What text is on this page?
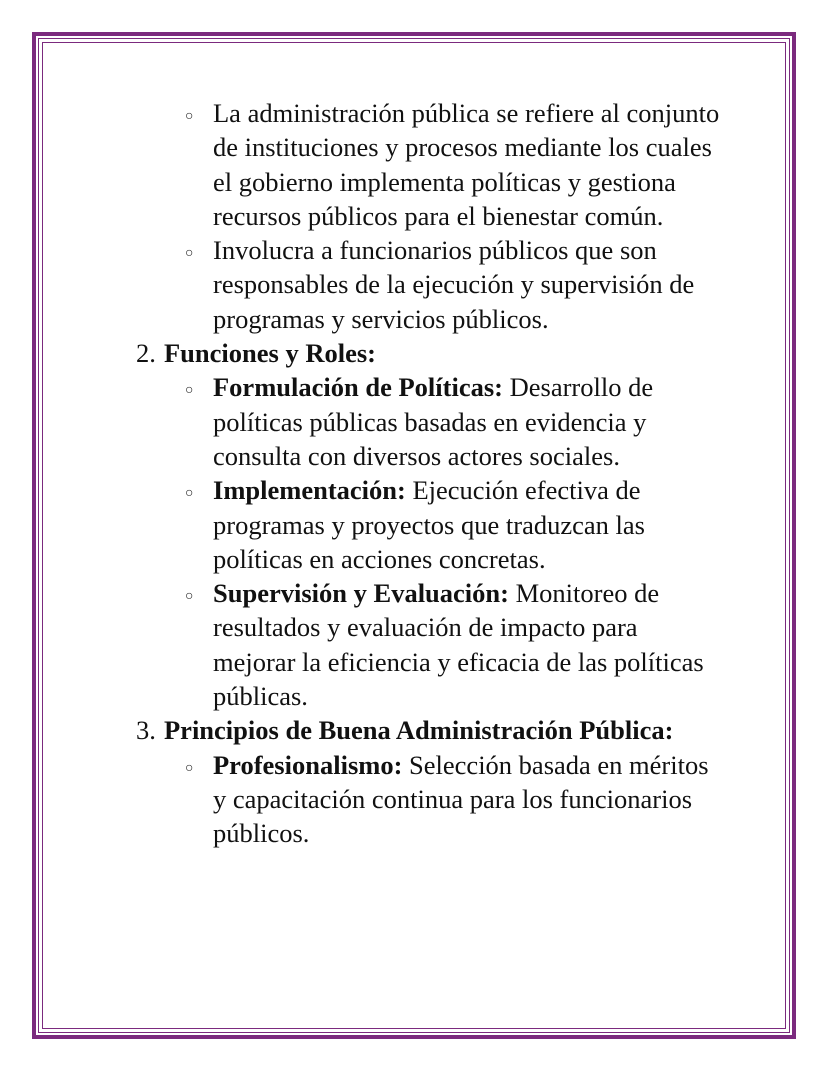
○ La administración pública se refiere al conjunto de instituciones y procesos mediante los cuales el gobierno implementa políticas y gestiona recursos públicos para el bienestar común.
○ Involucra a funcionarios públicos que son responsables de la ejecución y supervisión de programas y servicios públicos.
2. Funciones y Roles:
○ Formulación de Políticas: Desarrollo de políticas públicas basadas en evidencia y consulta con diversos actores sociales.
○ Implementación: Ejecución efectiva de programas y proyectos que traduzcan las políticas en acciones concretas.
○ Supervisión y Evaluación: Monitoreo de resultados y evaluación de impacto para mejorar la eficiencia y eficacia de las políticas públicas.
3. Principios de Buena Administración Pública:
○ Profesionalismo: Selección basada en méritos y capacitación continua para los funcionarios públicos.
